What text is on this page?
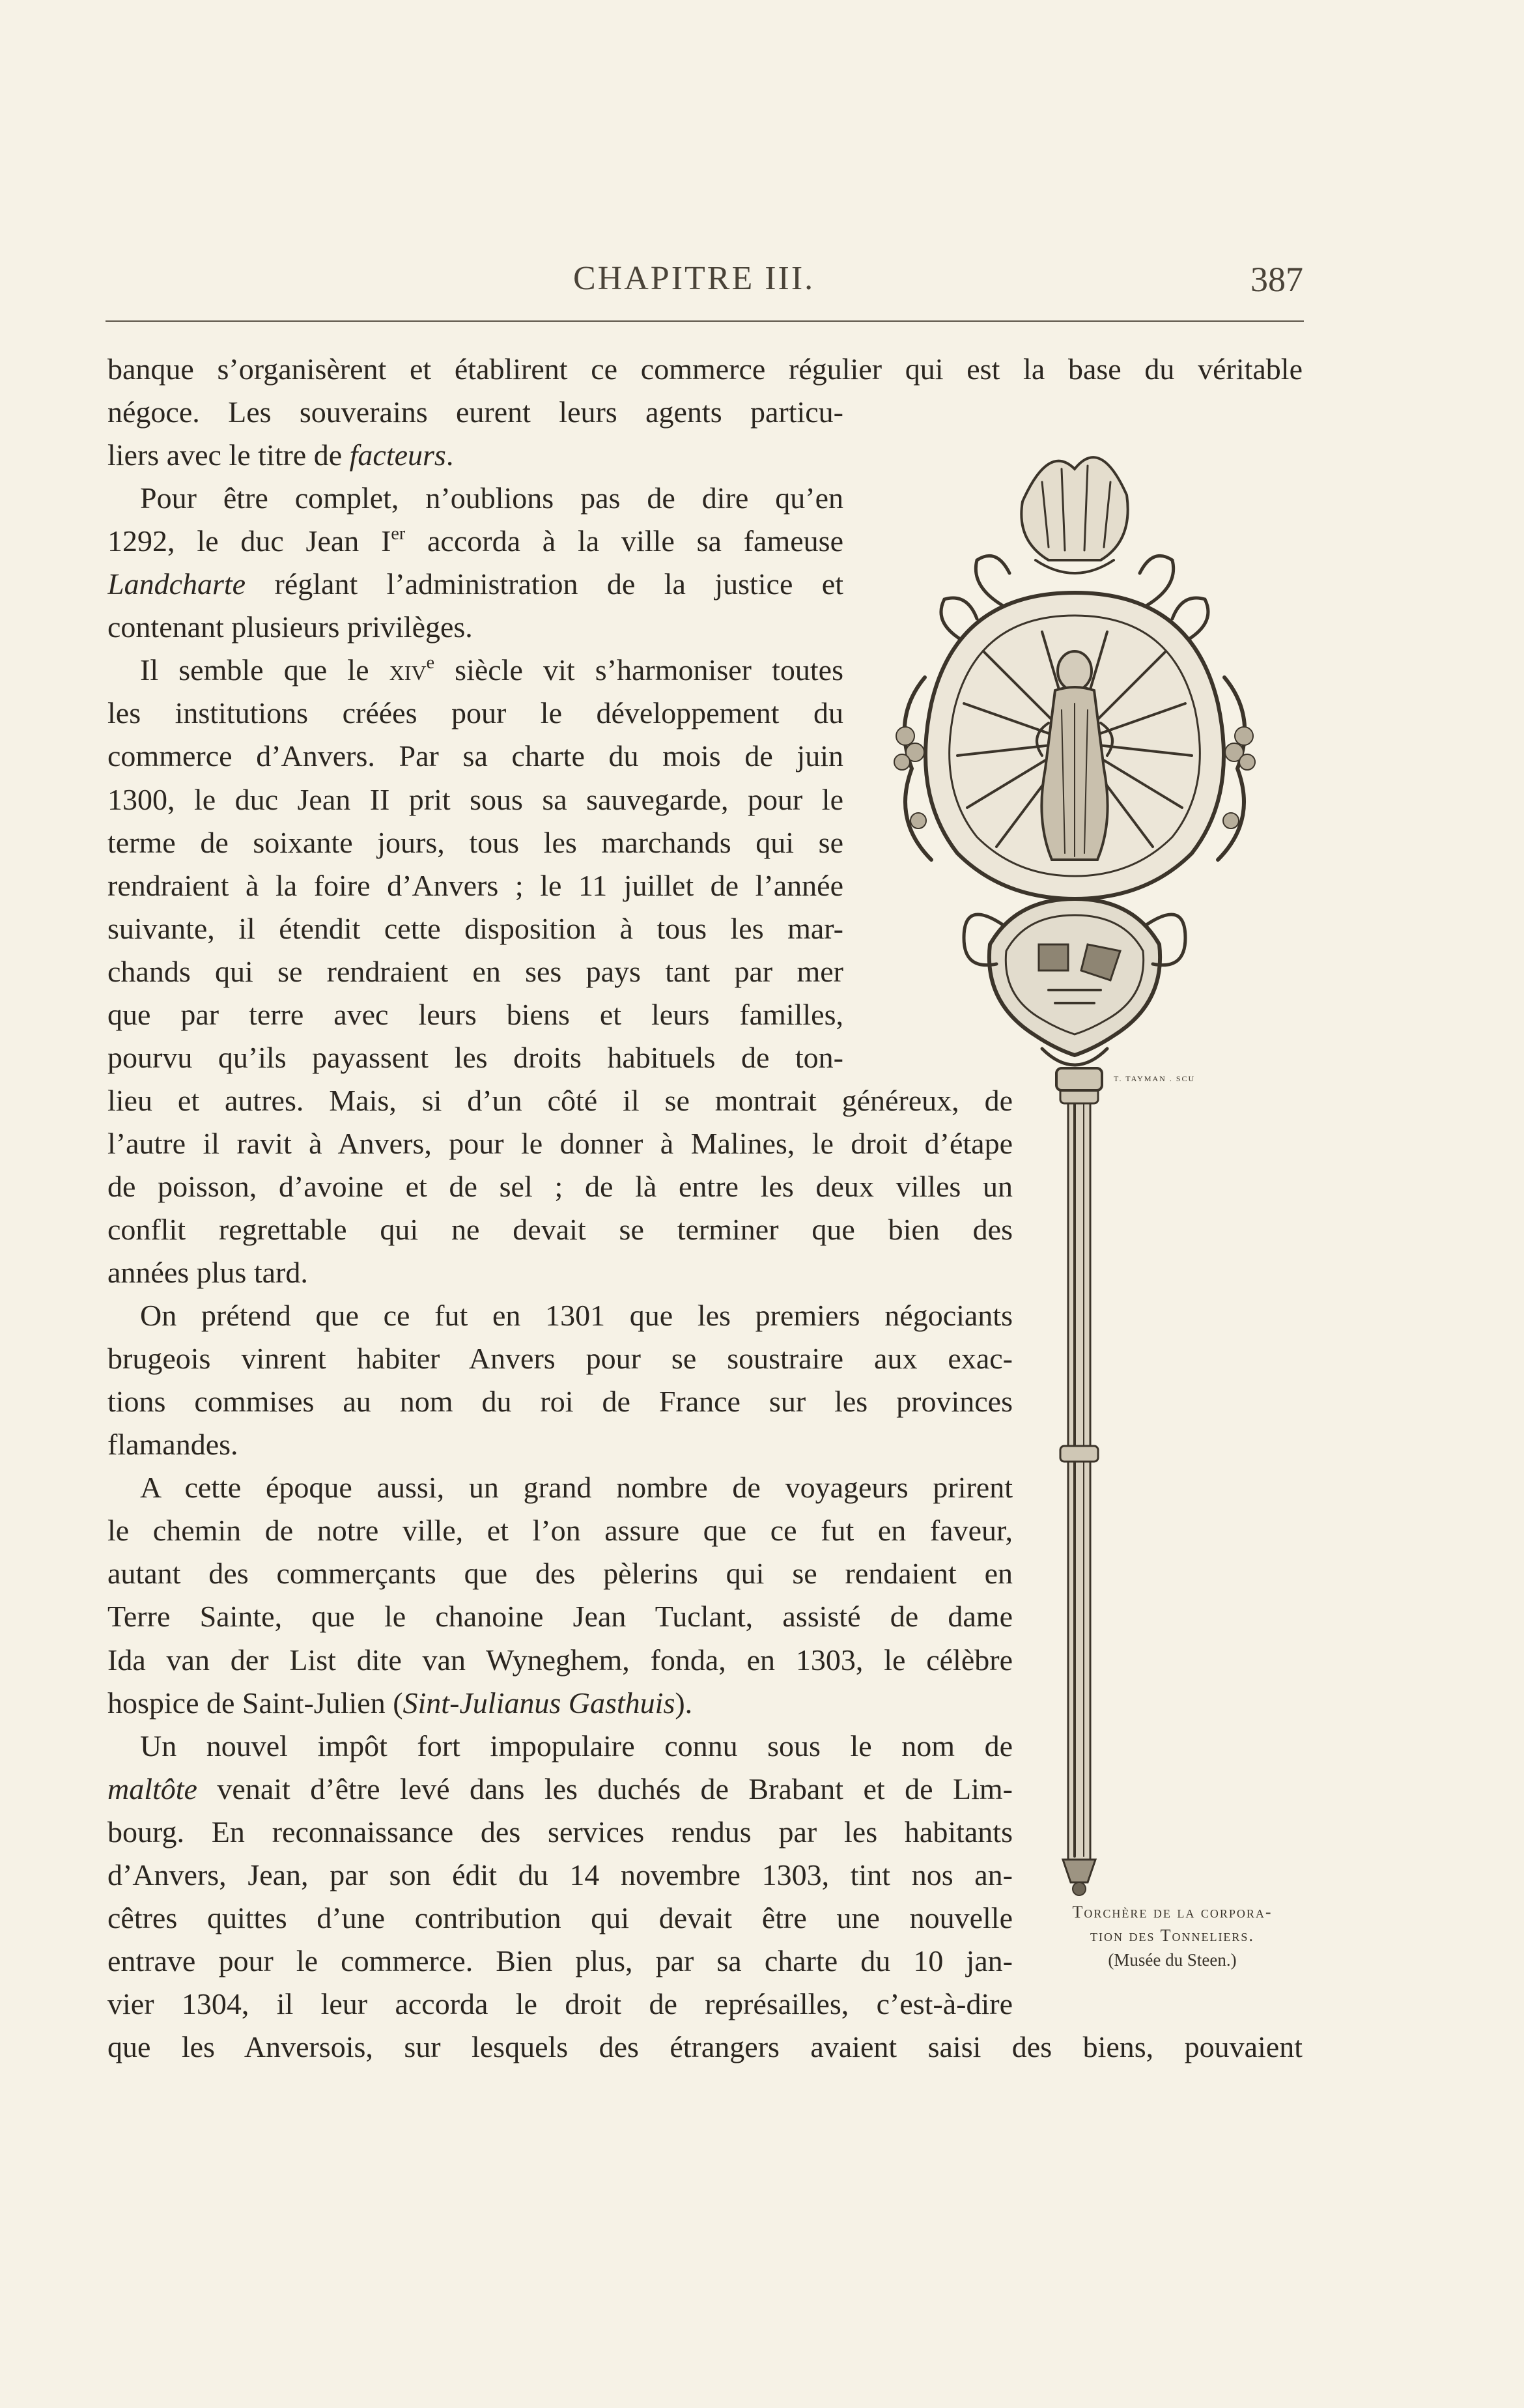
CHAPITRE III.	387
banque s’organisèrent et établirent ce commerce régulier qui est la base du véritable
négoce. Les souverains eurent leurs agents particu-
liers avec le titre de facteurs.
Pour être complet, n’oublions pas de dire qu’en
1292, le duc Jean Ier accorda à la ville sa fameuse
Landcharte réglant l’administration de la justice et
contenant plusieurs privilèges.
Il semble que le xiv$^e$ siècle vit s’harmoniser toutes
les institutions créées pour le développement du
commerce d’Anvers. Par sa charte du mois de juin
1300, le duc Jean II prit sous sa sauvegarde, pour le
terme de soixante jours, tous les marchands qui se
rendraient à la foire d’Anvers ; le 11 juillet de l’année
suivante, il étendit cette disposition à tous les mar-
chands qui se rendraient en ses pays tant par mer
que par terre avec leurs biens et leurs familles,
pourvu qu’ils payassent les droits habituels de ton-
lieu et autres. Mais, si d’un côté il se montrait généreux, de
l’autre il ravit à Anvers, pour le donner à Malines, le droit d’étape
de poisson, d’avoine et de sel ; de là entre les deux villes un
conflit regrettable qui ne devait se terminer que bien des
années plus tard.
On prétend que ce fut en 1301 que les premiers négociants
brugeois vinrent habiter Anvers pour se soustraire aux exac-
tions commises au nom du roi de France sur les provinces
flamandes.
A cette époque aussi, un grand nombre de voyageurs prirent
le chemin de notre ville, et l’on assure que ce fut en faveur,
autant des commerçants que des pèlerins qui se rendaient en
Terre Sainte, que le chanoine Jean Tuclant, assisté de dame
Ida van der List dite van Wyneghem, fonda, en 1303, le célèbre
hospice de Saint-Julien (Sint-Julianus Gasthuis).
Un nouvel impôt fort impopulaire connu sous le nom de
maltôte venait d’être levé dans les duchés de Brabant et de Lim-
bourg. En reconnaissance des services rendus par les habitants
d’Anvers, Jean, par son édit du 14 novembre 1303, tint nos an-
cêtres quittes d’une contribution qui devait être une nouvelle
entrave pour le commerce. Bien plus, par sa charte du 10 jan-
vier 1304, il leur accorda le droit de représailles, c’est-à-dire
que les Anversois, sur lesquels des étrangers avaient saisi des biens, pouvaient
T. TAYMAN . SCU
Torchère de la corpora-
tion des Tonneliers.
(Musée du Steen.)
